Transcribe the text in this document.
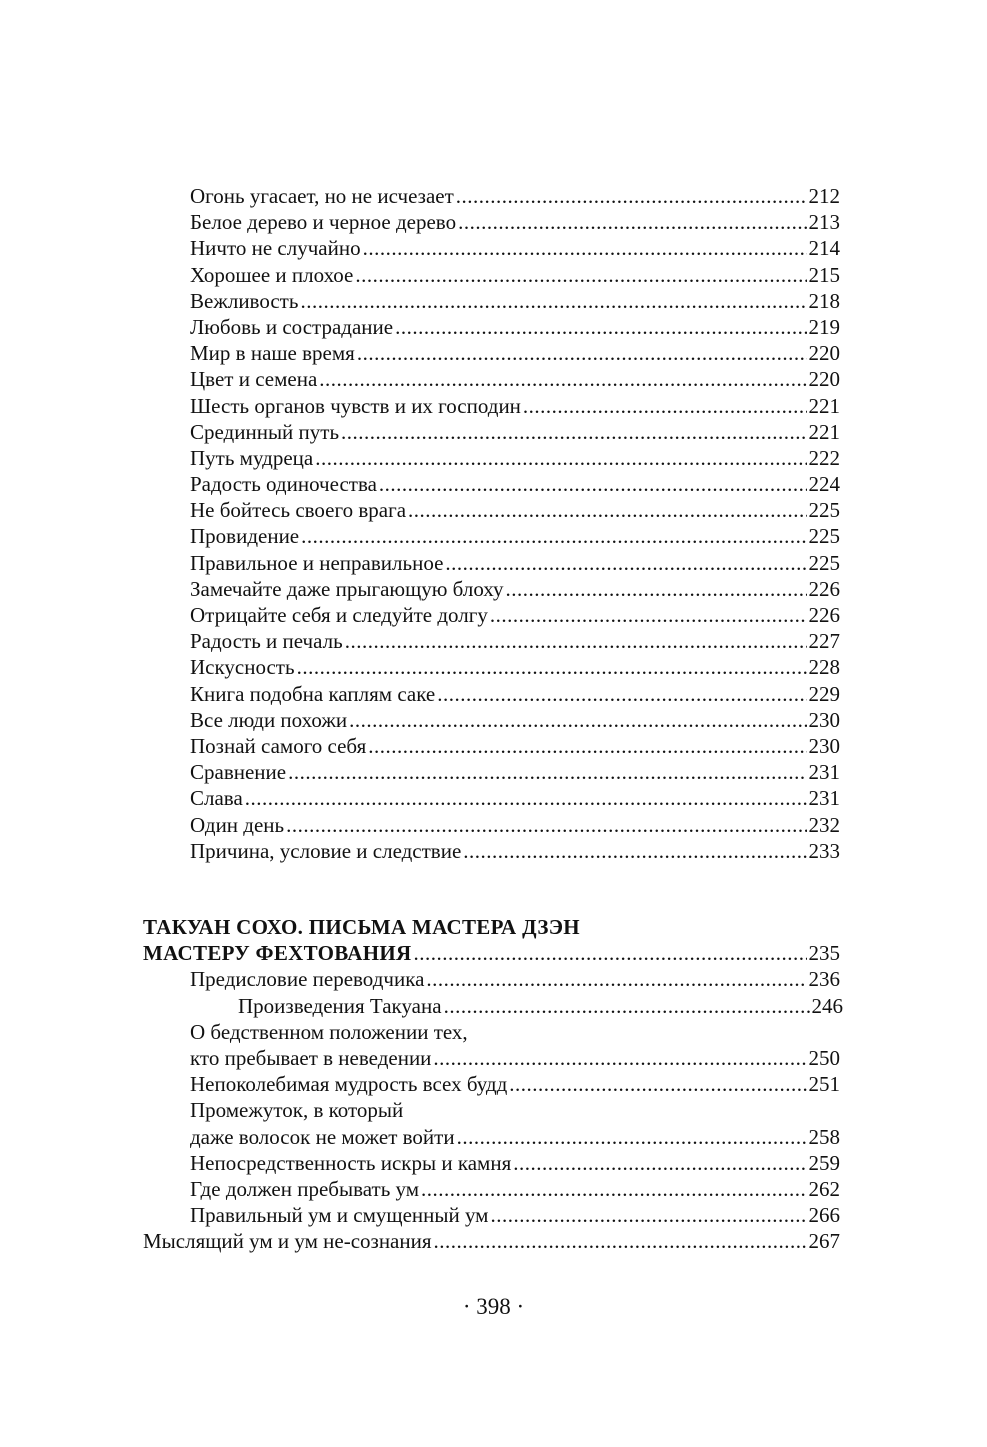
Огонь угасает, но не исчезает .....	212
Белое дерево и черное дерево .....	213
Ничто не случайно .....	214
Хорошее и плохое .....	215
Вежливость .....	218
Любовь и сострадание .....	219
Мир в наше время .....	220
Цвет и семена .....	220
Шесть органов чувств и их господин .....	221
Срединный путь .....	221
Путь мудреца .....	222
Радость одиночества .....	224
Не бойтесь своего врага .....	225
Провидение .....	225
Правильное и неправильное .....	225
Замечайте даже прыгающую блоху .....	226
Отрицайте себя и следуйте долгу .....	226
Радость и печаль .....	227
Искусность .....	228
Книга подобна каплям саке .....	229
Все люди похожи .....	230
Познай самого себя .....	230
Сравнение .....	231
Слава .....	231
Один день .....	232
Причина, условие и следствие .....	233
ТАКУАН СОХО. ПИСЬМА МАСТЕРА ДЗЭН
МАСТЕРУ ФЕХТОВАНИЯ .....	235
Предисловие переводчика .....	236
Произведения Такуана .....	246
О бедственном положении тех,
кто пребывает в неведении .....	250
Непоколебимая мудрость всех будд .....	251
Промежуток, в который
даже волосок не может войти .....	258
Непосредственность искры и камня .....	259
Где должен пребывать ум .....	262
Правильный ум и смущенный ум .....	266
Мыслящий ум и ум не-сознания .....	267
· 398 ·
